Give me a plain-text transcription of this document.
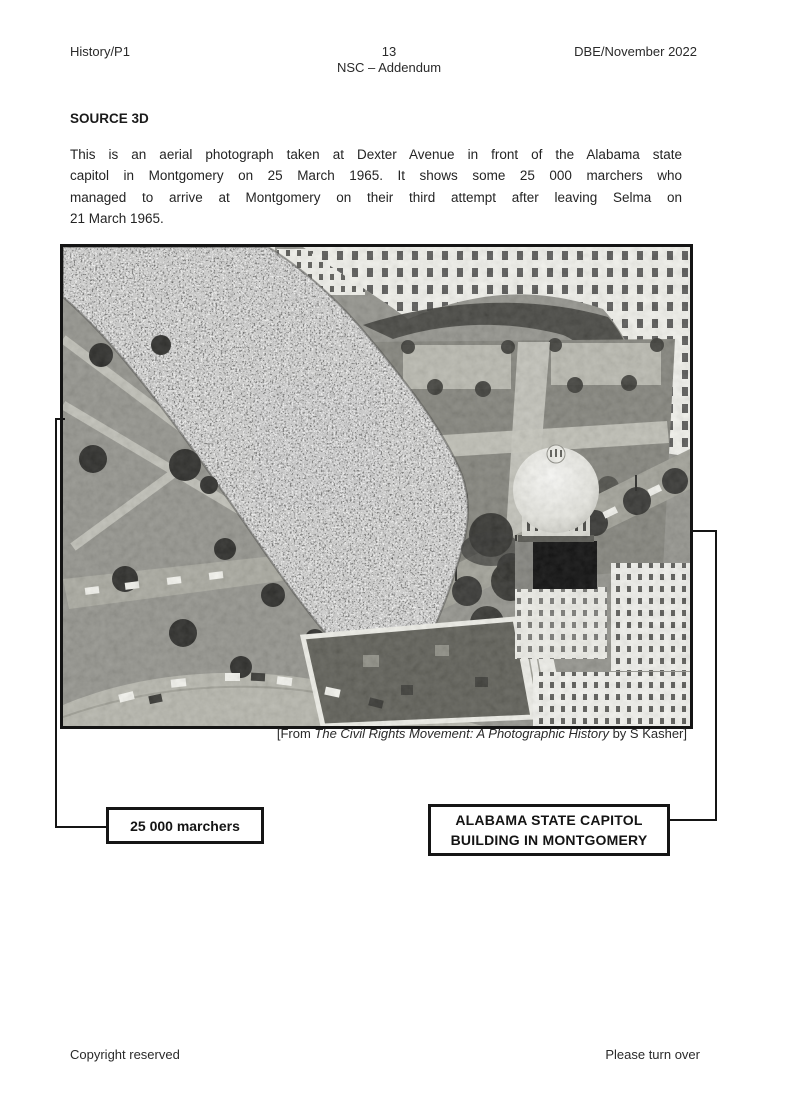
History/P1	13
NSC – Addendum
DBE/November 2022
SOURCE 3D
This is an aerial photograph taken at Dexter Avenue in front of the Alabama state
capitol in Montgomery on 25 March 1965. It shows some 25 000 marchers who
managed to arrive at Montgomery on their third attempt after leaving Selma on
21 March 1965.
[From The Civil Rights Movement: A Photographic History by S Kasher]
25 000 marchers	ALABAMA STATE CAPITOL
BUILDING IN MONTGOMERY
Copyright reserved	Please turn over
